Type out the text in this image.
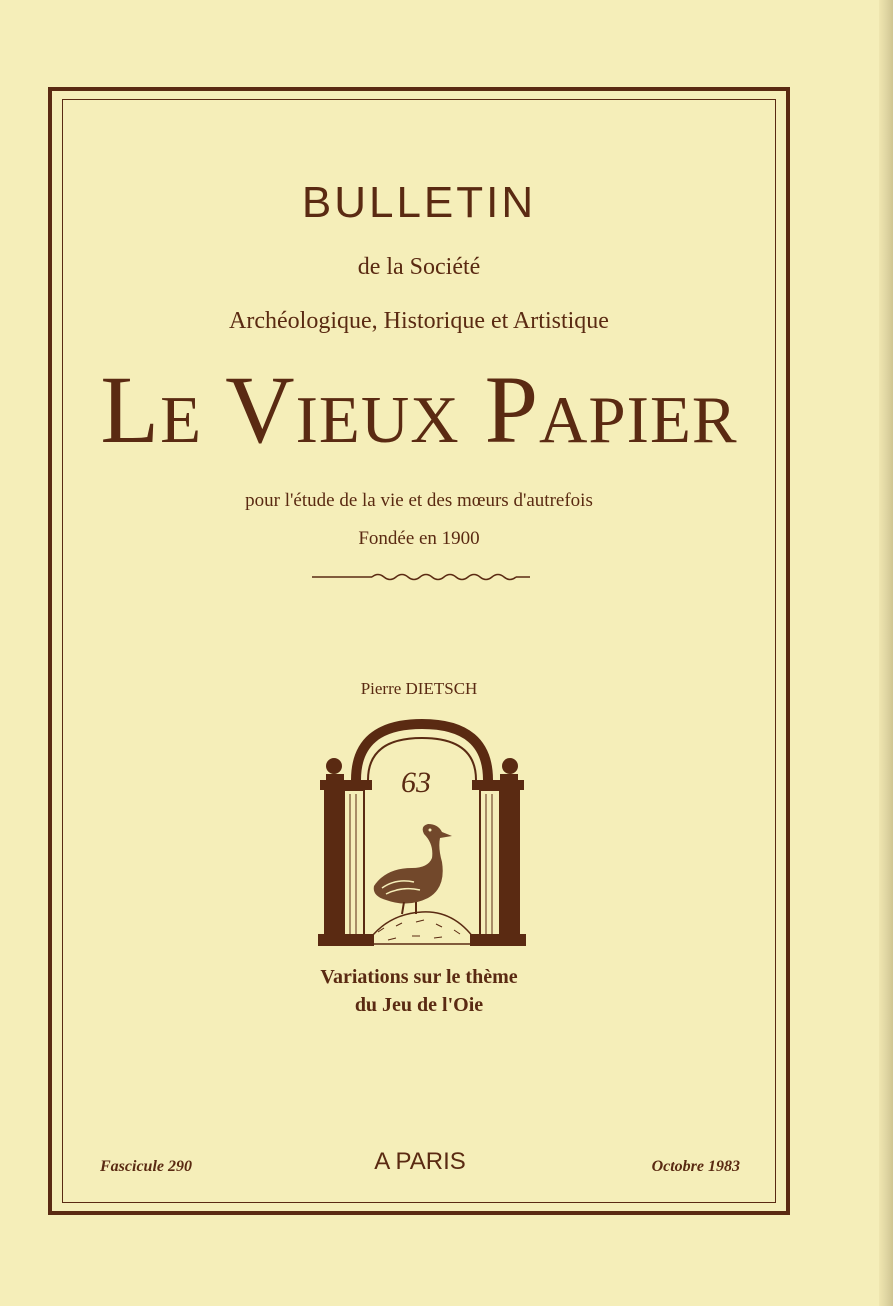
BULLETIN
de la Société
Archéologique, Historique et Artistique
Le Vieux Papier
pour l'étude de la vie et des mœurs d'autrefois
Fondée en 1900
Pierre DIETSCH
63
Variations sur le thème
du Jeu de l'Oie
Fascicule 290	A PARIS	Octobre 1983
